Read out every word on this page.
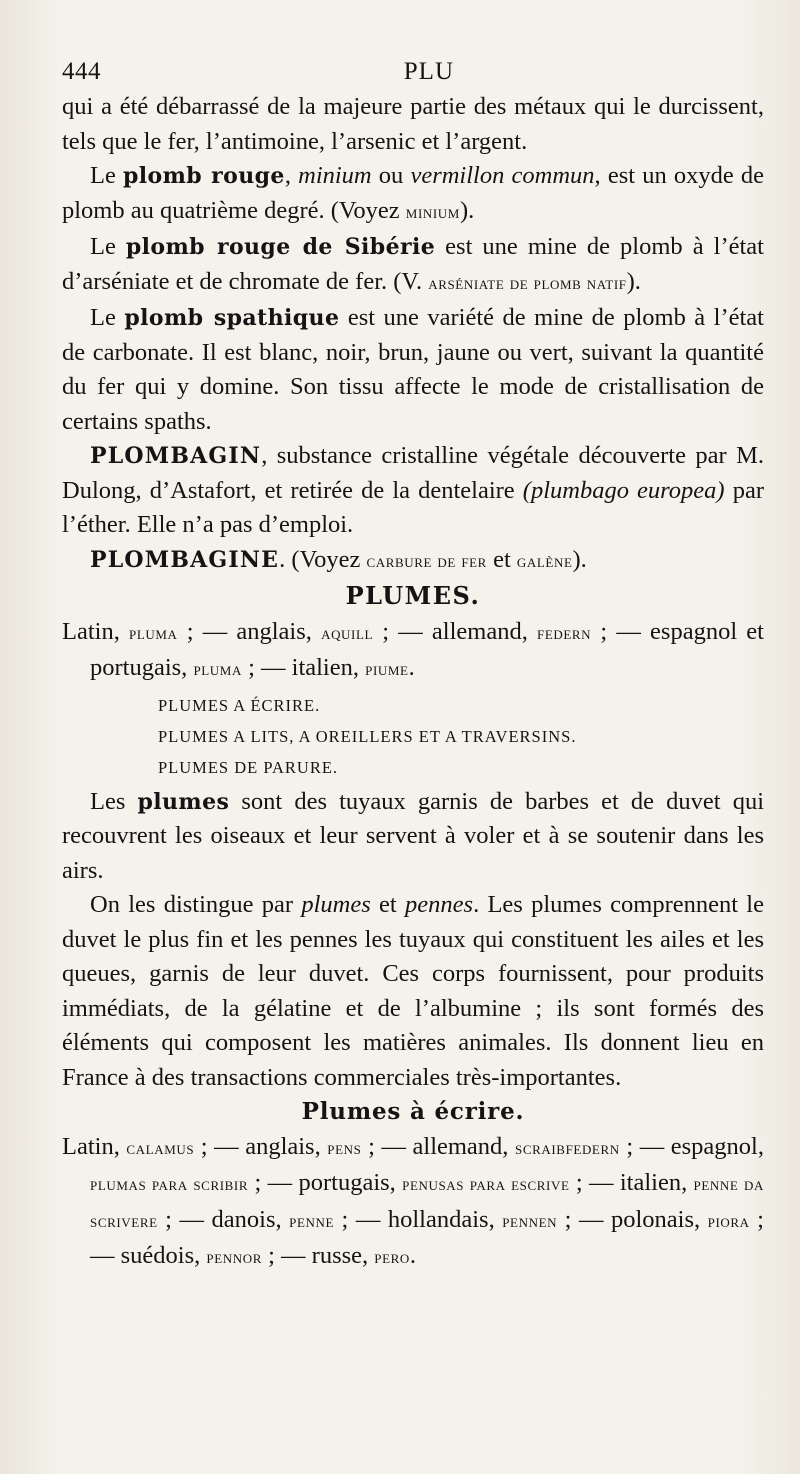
444	PLU

qui a été débarrassé de la majeure partie des métaux qui le durcissent, tels que le fer, l’antimoine, l’arsenic et l’argent.

Le plomb rouge, minium ou vermillon commun, est un oxyde de plomb au quatrième degré. (Voyez minium).

Le plomb rouge de Sibérie est une mine de plomb à l’état d’arséniate et de chromate de fer. (V. arséniate de plomb natif).

Le plomb spathique est une variété de mine de plomb à l’état de carbonate. Il est blanc, noir, brun, jaune ou vert, suivant la quantité du fer qui y domine. Son tissu affecte le mode de cristallisation de certains spaths.

PLOMBAGIN, substance cristalline végétale découverte par M. Dulong, d’Astafort, et retirée de la dentelaire (plumbago europea) par l’éther. Elle n’a pas d’emploi.

PLOMBAGINE. (Voyez carbure de fer et galène).

PLUMES.

Latin, pluma ; — anglais, aquill ; — allemand, federn ; — espagnol et portugais, pluma ; — italien, piume.

PLUMES A ÉCRIRE.
PLUMES A LITS, A OREILLERS ET A TRAVERSINS.
PLUMES DE PARURE.

Les plumes sont des tuyaux garnis de barbes et de duvet qui recouvrent les oiseaux et leur servent à voler et à se soutenir dans les airs.

On les distingue par plumes et pennes. Les plumes comprennent le duvet le plus fin et les pennes les tuyaux qui constituent les ailes et les queues, garnis de leur duvet. Ces corps fournissent, pour produits immédiats, de la gélatine et de l’albumine ; ils sont formés des éléments qui composent les matières animales. Ils donnent lieu en France à des transactions commerciales très-importantes.

Plumes à écrire.

Latin, calamus ; — anglais, pens ; — allemand, scraibfedern ; — espagnol, plumas para scribir ; — portugais, penusas para escrive ; — italien, penne da scrivere ; — danois, penne ; — hollandais, pennen ; — polonais, piora ; — suédois, pennor ; — russe, pero.
